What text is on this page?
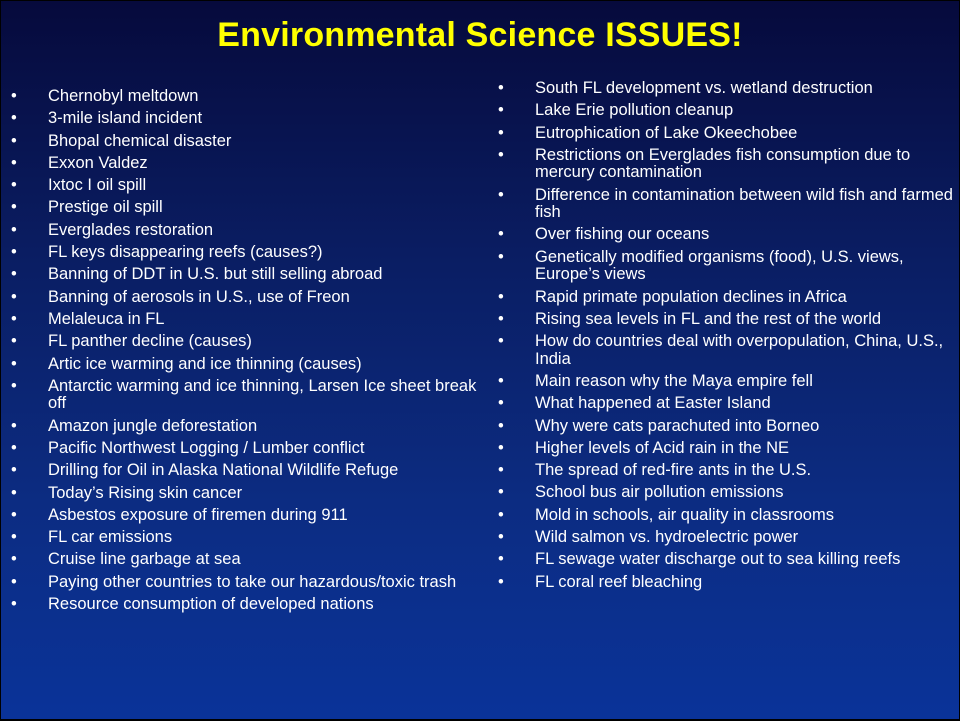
Environmental Science ISSUES!
• Chernobyl meltdown
• 3-mile island incident
• Bhopal chemical disaster
• Exxon Valdez
• Ixtoc I oil spill
• Prestige oil spill
• Everglades restoration
• FL keys disappearing reefs (causes?)
• Banning of DDT in U.S. but still selling abroad
• Banning of aerosols in U.S., use of Freon
• Melaleuca in FL
• FL panther decline (causes)
• Artic ice warming and ice thinning (causes)
• Antarctic warming and ice thinning, Larsen Ice sheet break off
• Amazon jungle deforestation
• Pacific Northwest Logging / Lumber conflict
• Drilling for Oil in Alaska National Wildlife Refuge
• Today’s Rising skin cancer
• Asbestos exposure of firemen during 911
• FL car emissions
• Cruise line garbage at sea
• Paying other countries to take our hazardous/toxic trash
• Resource consumption of developed nations
• South FL development vs. wetland destruction
• Lake Erie pollution cleanup
• Eutrophication of Lake Okeechobee
• Restrictions on Everglades fish consumption due to mercury contamination
• Difference in contamination between wild fish and farmed fish
• Over fishing our oceans
• Genetically modified organisms (food), U.S. views, Europe’s views
• Rapid primate population declines in Africa
• Rising sea levels in FL and the rest of the world
• How do countries deal with overpopulation, China, U.S., India
• Main reason why the Maya empire fell
• What happened at Easter Island
• Why were cats parachuted into Borneo
• Higher levels of Acid rain in the NE
• The spread of red-fire ants in the U.S.
• School bus air pollution emissions
• Mold in schools, air quality in classrooms
• Wild salmon vs. hydroelectric power
• FL sewage water discharge out to sea killing reefs
• FL coral reef bleaching
